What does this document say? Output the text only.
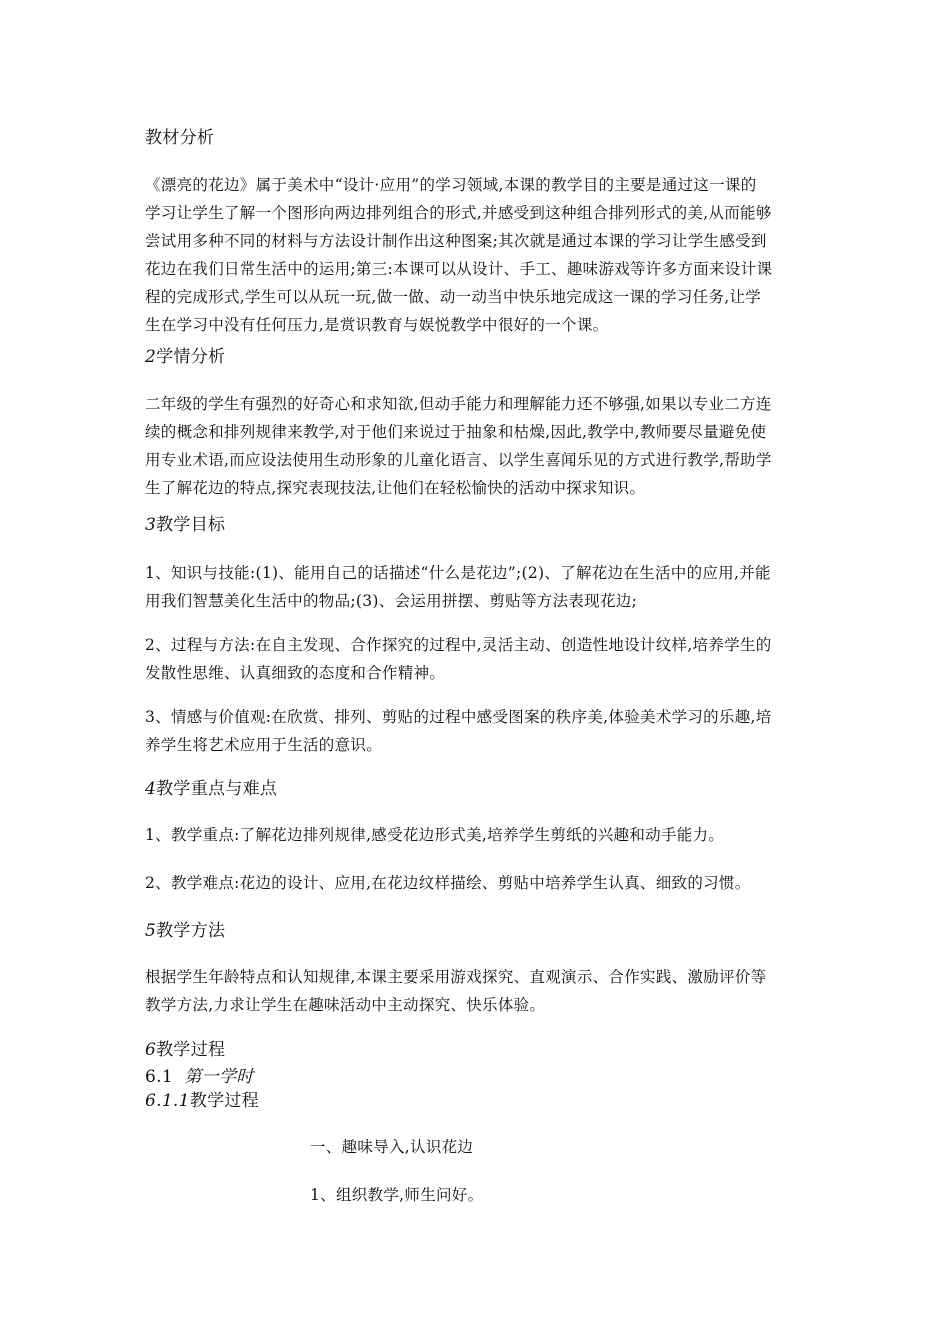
教材分析
《漂亮的花边》属于美术中“设计·应用”的学习领域,本课的教学目的主要是通过这一课的
学习让学生了解一个图形向两边排列组合的形式,并感受到这种组合排列形式的美,从而能够
尝试用多种不同的材料与方法设计制作出这种图案;其次就是通过本课的学习让学生感受到
花边在我们日常生活中的运用;第三:本课可以从设计、手工、趣味游戏等许多方面来设计课
程的完成形式,学生可以从玩一玩,做一做、动一动当中快乐地完成这一课的学习任务,让学
生在学习中没有任何压力,是赏识教育与娱悦教学中很好的一个课。
2学情分析
二年级的学生有强烈的好奇心和求知欲,但动手能力和理解能力还不够强,如果以专业二方连
续的概念和排列规律来教学,对于他们来说过于抽象和枯燥,因此,教学中,教师要尽量避免使
用专业术语,而应设法使用生动形象的儿童化语言、以学生喜闻乐见的方式进行教学,帮助学
生了解花边的特点,探究表现技法,让他们在轻松愉快的活动中探求知识。
3教学目标
1、知识与技能:(1)、能用自己的话描述“什么是花边”;(2)、了解花边在生活中的应用,并能
用我们智慧美化生活中的物品;(3)、会运用拼摆、剪贴等方法表现花边;
2、过程与方法:在自主发现、合作探究的过程中,灵活主动、创造性地设计纹样,培养学生的
发散性思维、认真细致的态度和合作精神。
3、情感与价值观:在欣赏、排列、剪贴的过程中感受图案的秩序美,体验美术学习的乐趣,培
养学生将艺术应用于生活的意识。
4教学重点与难点
1、教学重点:了解花边排列规律,感受花边形式美,培养学生剪纸的兴趣和动手能力。
2、教学难点:花边的设计、应用,在花边纹样描绘、剪贴中培养学生认真、细致的习惯。
5教学方法
根据学生年龄特点和认知规律,本课主要采用游戏探究、直观演示、合作实践、激励评价等
教学方法,力求让学生在趣味活动中主动探究、快乐体验。
6教学过程
6.1 第一学时
6.1.1教学过程
一、趣味导入,认识花边
1、组织教学,师生问好。
